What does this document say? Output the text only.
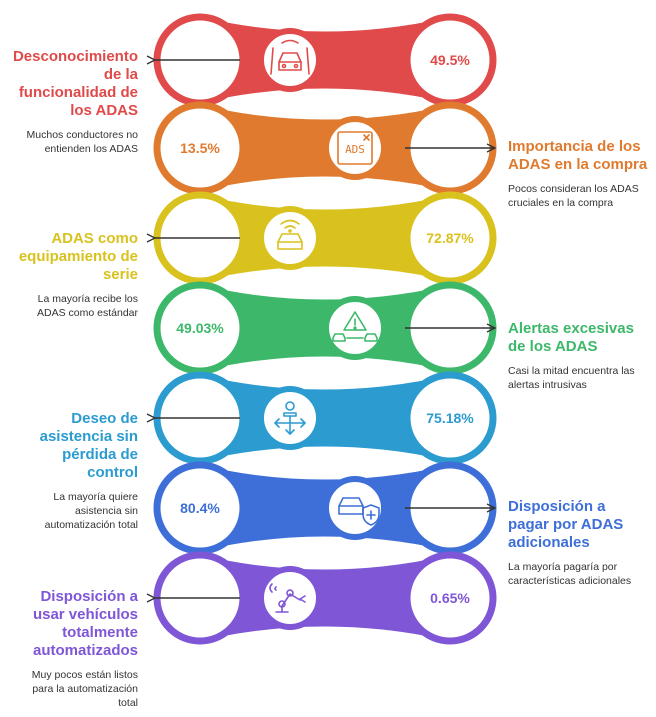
49.5%
ADS
13.5%
72.87%
49.03%
75.18%
80.4%
0.65%
Desconocimiento de la funcionalidad de los ADAS
Muchos conductores no entienden los ADAS	Importancia de los ADAS en la compra
Pocos consideran los ADAS cruciales en la compra
ADAS como equipamiento de serie
La mayoría recibe los ADAS como estándar
Alertas excesivas de los ADAS
Casi la mitad encuentra las alertas intrusivas
Deseo de asistencia sin pérdida de control
La mayoría quiere asistencia sin automatización total
Disposición a pagar por ADAS adicionales
La mayoría pagaría por características adicionales
Disposición a usar vehículos totalmente automatizados
Muy pocos están listos para la automatización total
